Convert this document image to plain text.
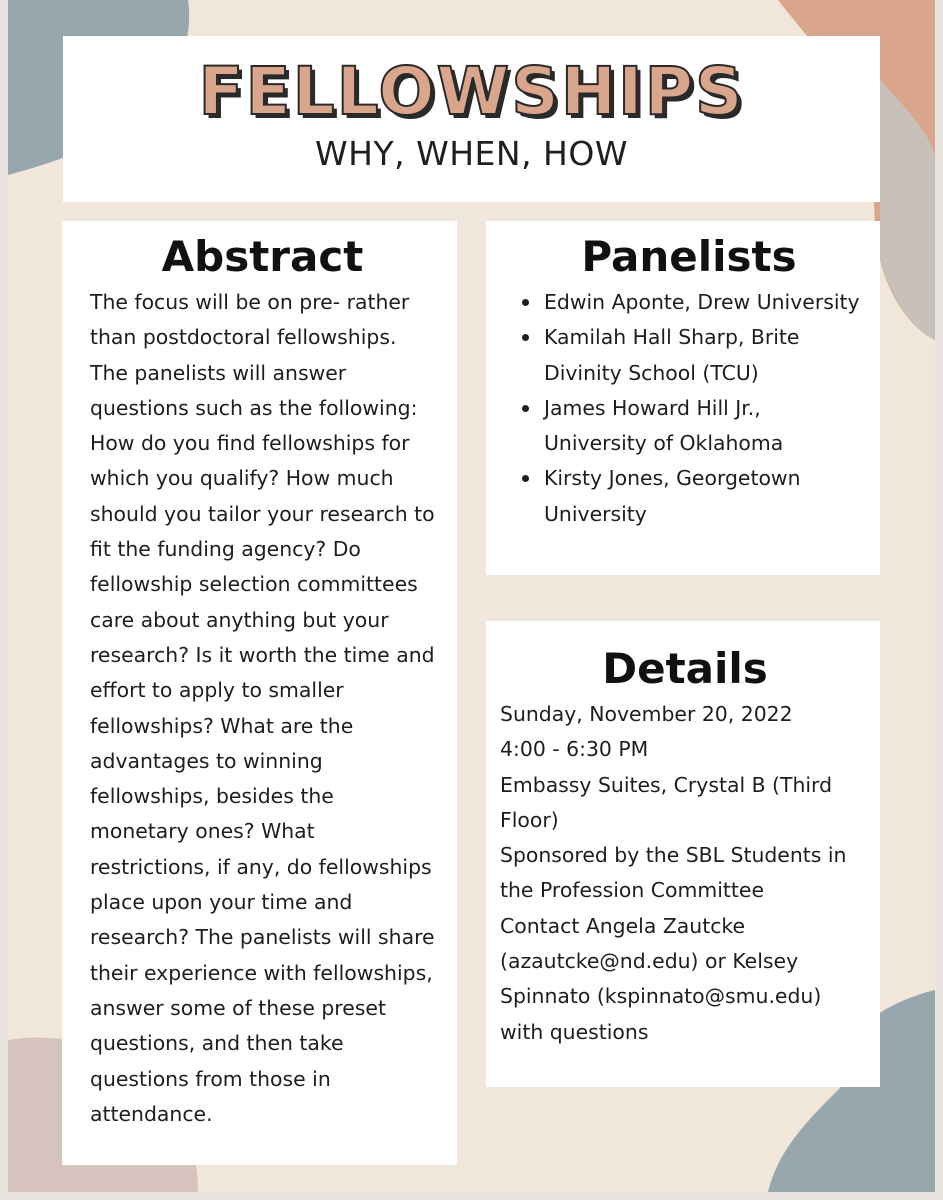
FELLOWSHIPS
WHY, WHEN, HOW
Abstract

The focus will be on pre- rather than postdoctoral fellowships. The panelists will answer questions such as the following: How do you find fellowships for which you qualify? How much should you tailor your research to fit the funding agency? Do fellowship selection committees care about anything but your research? Is it worth the time and effort to apply to smaller fellowships? What are the advantages to winning fellowships, besides the monetary ones? What restrictions, if any, do fellowships place upon your time and research? The panelists will share their experience with fellowships, answer some of these preset questions, and then take questions from those in attendance.

Panelists
Edwin Aponte, Drew University
Kamilah Hall Sharp, Brite Divinity School (TCU)
James Howard Hill Jr., University of Oklahoma
Kirsty Jones, Georgetown University
Details
Sunday, November 20, 2022
4:00 - 6:30 PM
Embassy Suites, Crystal B (Third Floor)
Sponsored by the SBL Students in the Profession Committee
Contact Angela Zautcke (azautcke@nd.edu) or Kelsey Spinnato (kspinnato@smu.edu) with questions
